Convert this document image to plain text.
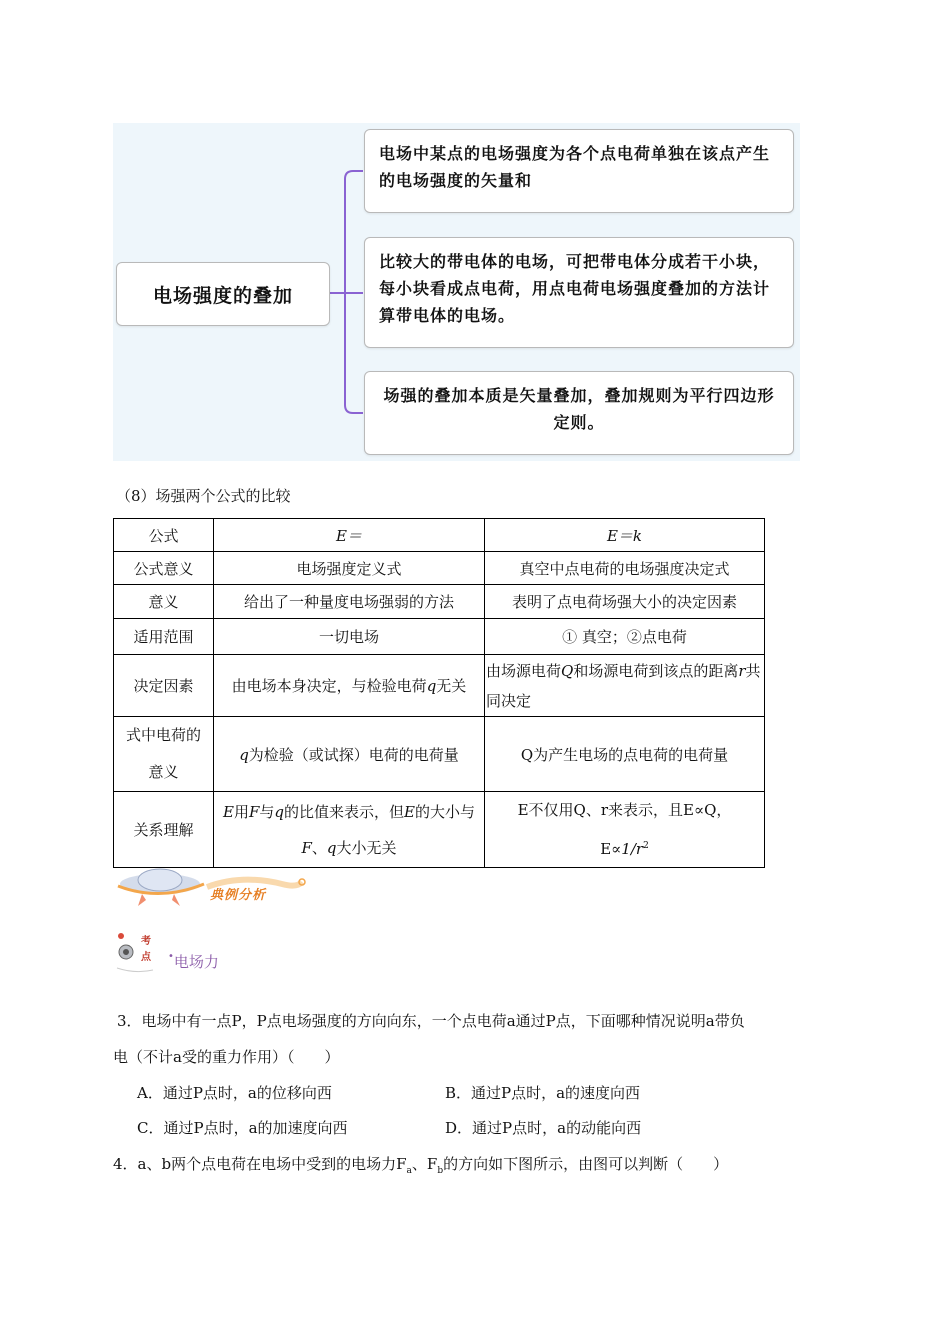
电场强度的叠加
电场中某点的电场强度为各个点电荷单独在该点产生的电场强度的矢量和
比较大的带电体的电场，可把带电体分成若干小块，每小块看成点电荷，用点电荷电场强度叠加的方法计算带电体的电场。
场强的叠加本质是矢量叠加，叠加规则为平行四边形定则。
（8）场强两个公式的比较
公式	E＝	E＝k
公式意义	电场强度定义式	真空中点电荷的电场强度决定式
意义	给出了一种量度电场强弱的方法	表明了点电荷场强大小的决定因素
适用范围	一切电场	① 真空；②点电荷
决定因素	由电场本身决定，与检验电荷q无关	由场源电荷Q和场源电荷到该点的距离r共同决定
式中电荷的
意义	q为检验（或试探）电荷的电荷量	Q为产生电场的点电荷的电荷量
关系理解	E用F与q的比值来表示，但E的大小与F、q大小无关	E不仅用Q、r来表示，且E∝Q，
$E\propto 1/r^2$
典例分析
考
点 •电场力
3．电场中有一点P，P点电场强度的方向向东，一个点电荷a通过P点，下面哪种情况说明a带负
电（不计a受的重力作用）（　　）
A．通过P点时，a的位移向西	B．通过P点时，a的速度向西
C．通过P点时，a的加速度向西	D．通过P点时，a的动能向西
4．a、b两个点电荷在电场中受到的电场力$F_a$、$F_b$的方向如下图所示，由图可以判断（　　）
